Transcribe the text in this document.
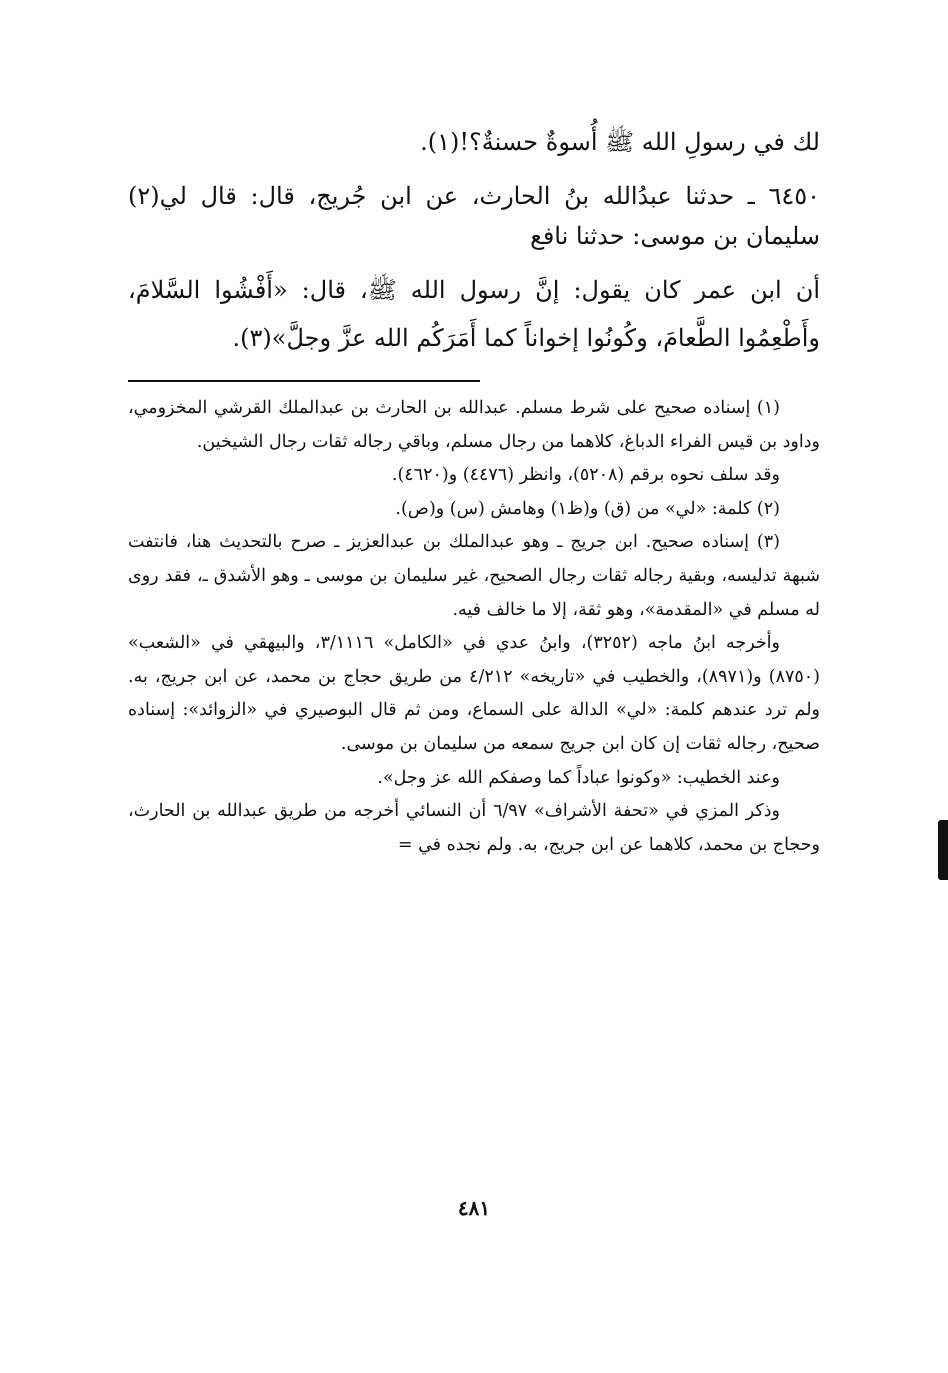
لك في رسولِ الله ﷺ أُسوةٌ حسنةٌ؟!(١).

٦٤٥٠ ـ حدثنا عبدُالله بنُ الحارث، عن ابن جُريج، قال: قال لي(٢) سليمان بن موسى: حدثنا نافع

أن ابن عمر كان يقول: إنَّ رسول الله ﷺ، قال: «أَفْشُوا السَّلامَ، وأَطْعِمُوا الطَّعامَ، وكُونُوا إخواناً كما أَمَرَكُم الله عزَّ وجلَّ»(٣).

(١) إسناده صحيح على شرط مسلم. عبدالله بن الحارث بن عبدالملك القرشي المخزومي، وداود بن قيس الفراء الدباغ، كلاهما من رجال مسلم، وباقي رجاله ثقات رجال الشيخين.

وقد سلف نحوه برقم (٥٢٠٨)، وانظر (٤٤٧٦) و(٤٦٢٠).

(٢) كلمة: «لي» من (ق) و(ظ١) وهامش (س) و(ص).

(٣) إسناده صحيح. ابن جريج ـ وهو عبدالملك بن عبدالعزيز ـ صرح بالتحديث هنا، فانتفت شبهة تدليسه، وبقية رجاله ثقات رجال الصحيح، غير سليمان بن موسى ـ وهو الأشدق ـ، فقد روى له مسلم في «المقدمة»، وهو ثقة، إلا ما خالف فيه.

وأخرجه ابنُ ماجه (٣٢٥٢)، وابنُ عدي في «الكامل» ٣/١١١٦، والبيهقي في «الشعب» (٨٧٥٠) و(٨٩٧١)، والخطيب في «تاريخه» ٤/٢١٢ من طريق حجاج بن محمد، عن ابن جريج، به. ولم ترد عندهم كلمة: «لي» الدالة على السماع، ومن ثم قال البوصيري في «الزوائد»: إسناده صحيح، رجاله ثقات إن كان ابن جريج سمعه من سليمان بن موسى.

وعند الخطيب: «وكونوا عباداً كما وصفكم الله عز وجل».

وذكر المزي في «تحفة الأشراف» ٦/٩٧ أن النسائي أخرجه من طريق عبدالله بن الحارث، وحجاج بن محمد، كلاهما عن ابن جريج، به. ولم نجده في =

٤٨١
